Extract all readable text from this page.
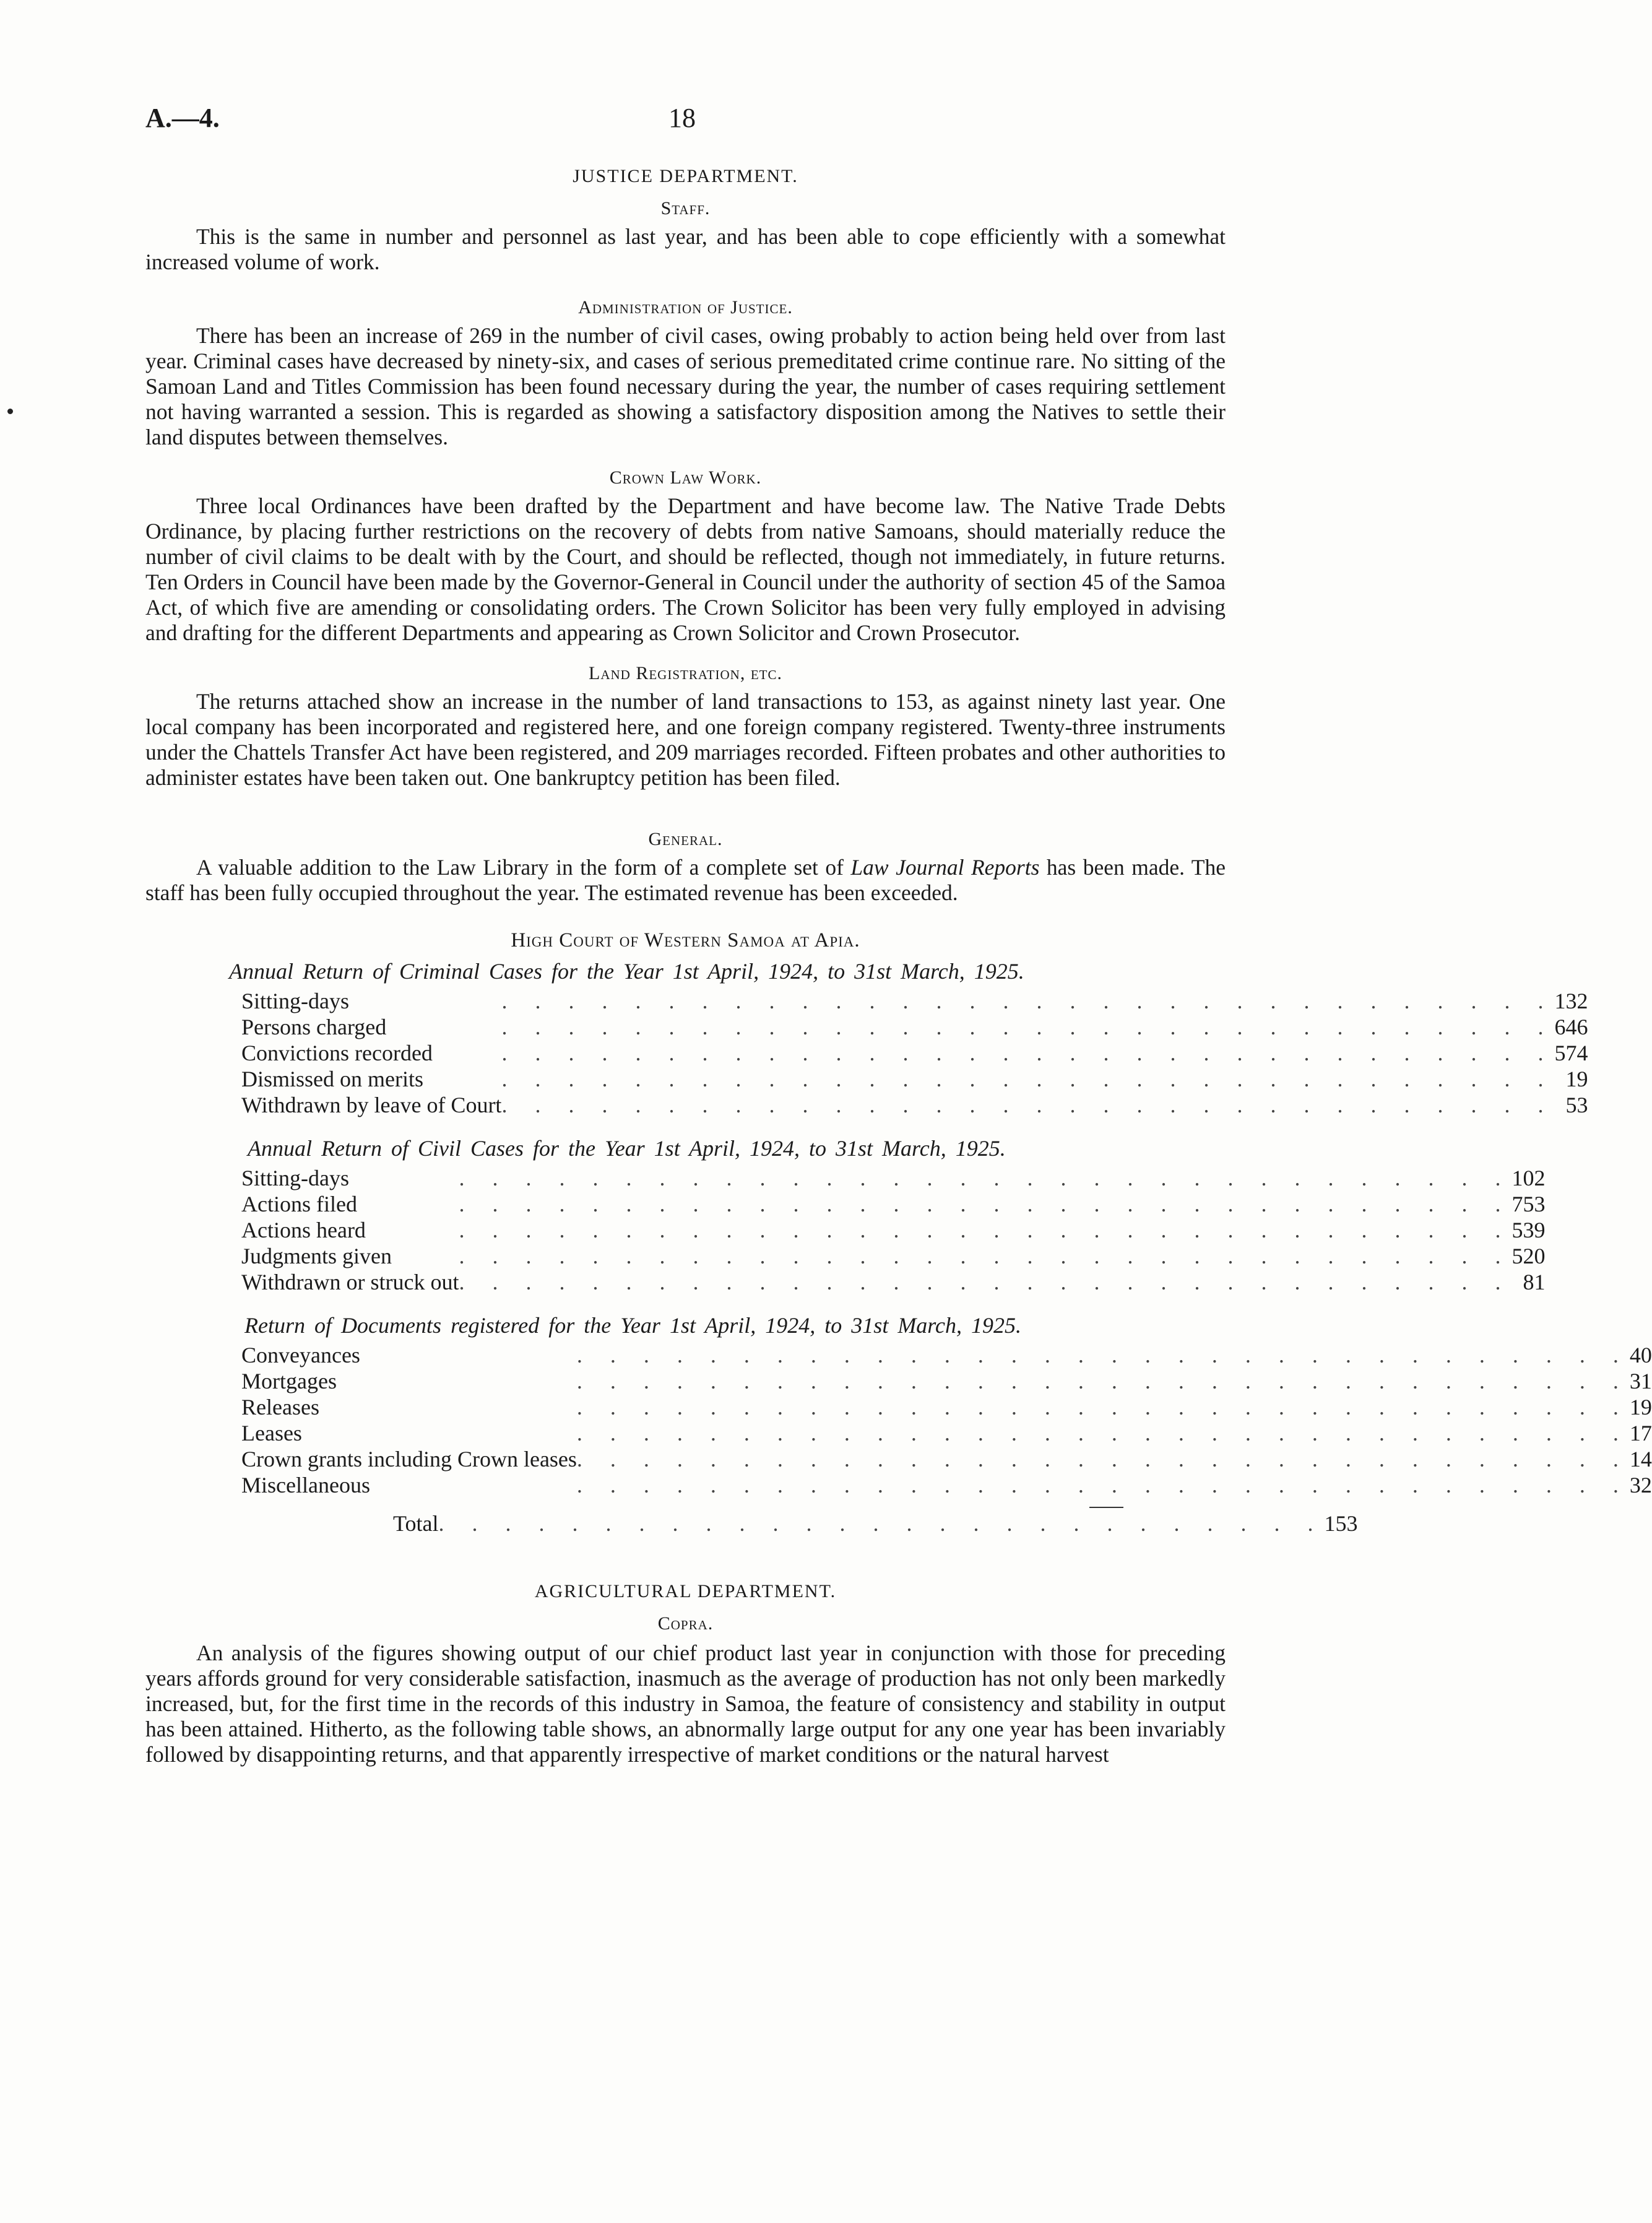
A.—4.	18
JUSTICE DEPARTMENT.
Staff.

This is the same in number and personnel as last year, and has been able to cope efficiently with a somewhat increased volume of work.

Administration of Justice.

There has been an increase of 269 in the number of civil cases, owing probably to action being held over from last year. Criminal cases have decreased by ninety-six, and cases of serious premeditated crime continue rare. No sitting of the Samoan Land and Titles Commission has been found necessary during the year, the number of cases requiring settlement not having warranted a session. This is regarded as showing a satisfactory disposition among the Natives to settle their land disputes between themselves.

Crown Law Work.

Three local Ordinances have been drafted by the Department and have become law. The Native Trade Debts Ordinance, by placing further restrictions on the recovery of debts from native Samoans, should materially reduce the number of civil claims to be dealt with by the Court, and should be reflected, though not immediately, in future returns. Ten Orders in Council have been made by the Governor-General in Council under the authority of section 45 of the Samoa Act, of which five are amending or consolidating orders. The Crown Solicitor has been very fully employed in advising and drafting for the different Departments and appearing as Crown Solicitor and Crown Prosecutor.

Land Registration, etc.

The returns attached show an increase in the number of land transactions to 153, as against ninety last year. One local company has been incorporated and registered here, and one foreign company registered. Twenty-three instruments under the Chattels Transfer Act have been registered, and 209 marriages recorded. Fifteen probates and other authorities to administer estates have been taken out. One bankruptcy petition has been filed.

General.

A valuable addition to the Law Library in the form of a complete set of Law Journal Reports has been made. The staff has been fully occupied throughout the year. The estimated revenue has been exceeded.

High Court of Western Samoa at Apia.
Annual Return of Criminal Cases for the Year 1st April, 1924, to 31st March, 1925.
Sitting-days	. . . . . . . . . . . . . . . . . . . . . . . . . . . . . . . .	132
Persons charged	. . . . . . . . . . . . . . . . . . . . . . . . . . . . . . . .	646
Convictions recorded	. . . . . . . . . . . . . . . . . . . . . . . . . . . . . . . .	574
Dismissed on merits	. . . . . . . . . . . . . . . . . . . . . . . . . . . . . . . .	19
Withdrawn by leave of Court	. . . . . . . . . . . . . . . . . . . . . . . . . . . . . . . .	53
Annual Return of Civil Cases for the Year 1st April, 1924, to 31st March, 1925.
Sitting-days	. . . . . . . . . . . . . . . . . . . . . . . . . . . . . . . .	102
Actions filed	. . . . . . . . . . . . . . . . . . . . . . . . . . . . . . . .	753
Actions heard	. . . . . . . . . . . . . . . . . . . . . . . . . . . . . . . .	539
Judgments given	. . . . . . . . . . . . . . . . . . . . . . . . . . . . . . . .	520
Withdrawn or struck out	. . . . . . . . . . . . . . . . . . . . . . . . . . . . . . . .	81
Return of Documents registered for the Year 1st April, 1924, to 31st March, 1925.
Conveyances	. . . . . . . . . . . . . . . . . . . . . . . . . . . . . . . .	40
Mortgages	. . . . . . . . . . . . . . . . . . . . . . . . . . . . . . . .	31
Releases	. . . . . . . . . . . . . . . . . . . . . . . . . . . . . . . .	19
Leases	. . . . . . . . . . . . . . . . . . . . . . . . . . . . . . . .	17
Crown grants including Crown leases	. . . . . . . . . . . . . . . . . . . . . . . . . . . . . . . .	14
Miscellaneous	. . . . . . . . . . . . . . . . . . . . . . . . . . . . . . . .	32
Total	. . . . . . . . . . . . . . . . . . . . . . . . . . .	153
AGRICULTURAL DEPARTMENT.
Copra.

An analysis of the figures showing output of our chief product last year in conjunction with those for preceding years affords ground for very considerable satisfaction, inasmuch as the average of production has not only been markedly increased, but, for the first time in the records of this industry in Samoa, the feature of consistency and stability in output has been attained. Hitherto, as the following table shows, an abnormally large output for any one year has been invariably followed by disappointing returns, and that apparently irrespective of market conditions or the natural harvest
